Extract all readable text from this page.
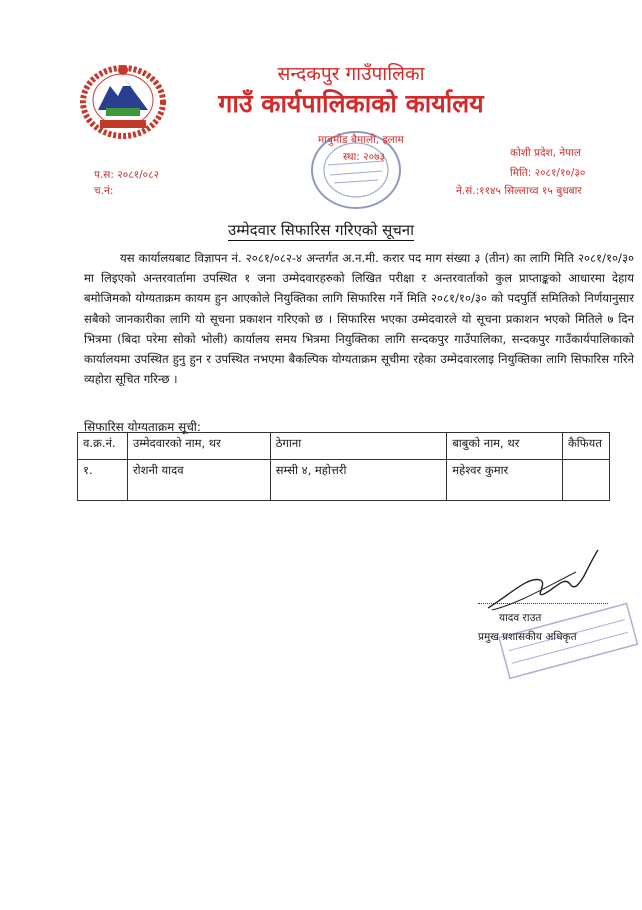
सन्दकपुर गाउँपालिका
गाउँ कार्यपालिकाको कार्यालय
माबुमोड बैमाली, इलाम
स्था: २०७३
प.स: २०८१/०८२
च.नं:
कोशी प्रदेश, नेपाल
मिति: २०८१/१०/३०
ने.सं.:११४५ सिल्लाथ्व १५ बुधबार
उम्मेदवार सिफारिस गरिएको सूचना

यस कार्यालयबाट विज्ञापन नं. २०८१/०८२-४ अन्तर्गत अ.न.मी. करार पद माग संख्या ३ (तीन) का लागि मिति २०८१/१०/३० मा लिइएको अन्तरवार्तामा उपस्थित १ जना उम्मेदवारहरुको लिखित परीक्षा र अन्तरवार्ताको कुल प्राप्ताङ्कको आधारमा देहाय बमोजिमको योग्यताक्रम कायम हुन आएकोले नियुक्तिका लागि सिफारिस गर्ने मिति २०८१/१०/३० को पदपुर्ति समितिको निर्णयानुसार सबैको जानकारीका लागि यो सूचना प्रकाशन गरिएको छ । सिफारिस भएका उम्मेदवारले यो सूचना प्रकाशन भएको मितिले ७ दिन भित्रमा (बिदा परेमा सोको भोली) कार्यालय समय भित्रमा नियुक्तिका लागि सन्दकपुर गाउँपालिका, सन्दकपुर गाउँकार्यपालिकाको कार्यालयमा उपस्थित हुनु हुन र उपस्थित नभएमा बैकल्पिक योग्यताक्रम सूचीमा रहेका उम्मेदवारलाइ नियुक्तिका लागि सिफारिस गरिने व्यहोरा सूचित गरिन्छ ।

सिफारिस योग्यताक्रम सूची:
व.क्र.नं.	उम्मेदवारको नाम, थर	ठेगाना	बाबुको नाम, थर	कैफियत
१.	रोशनी यादव	सम्सी ४, महोत्तरी	महेश्वर कुमार	
यादव राउत
प्रमुख प्रशासकीय अधिकृत
